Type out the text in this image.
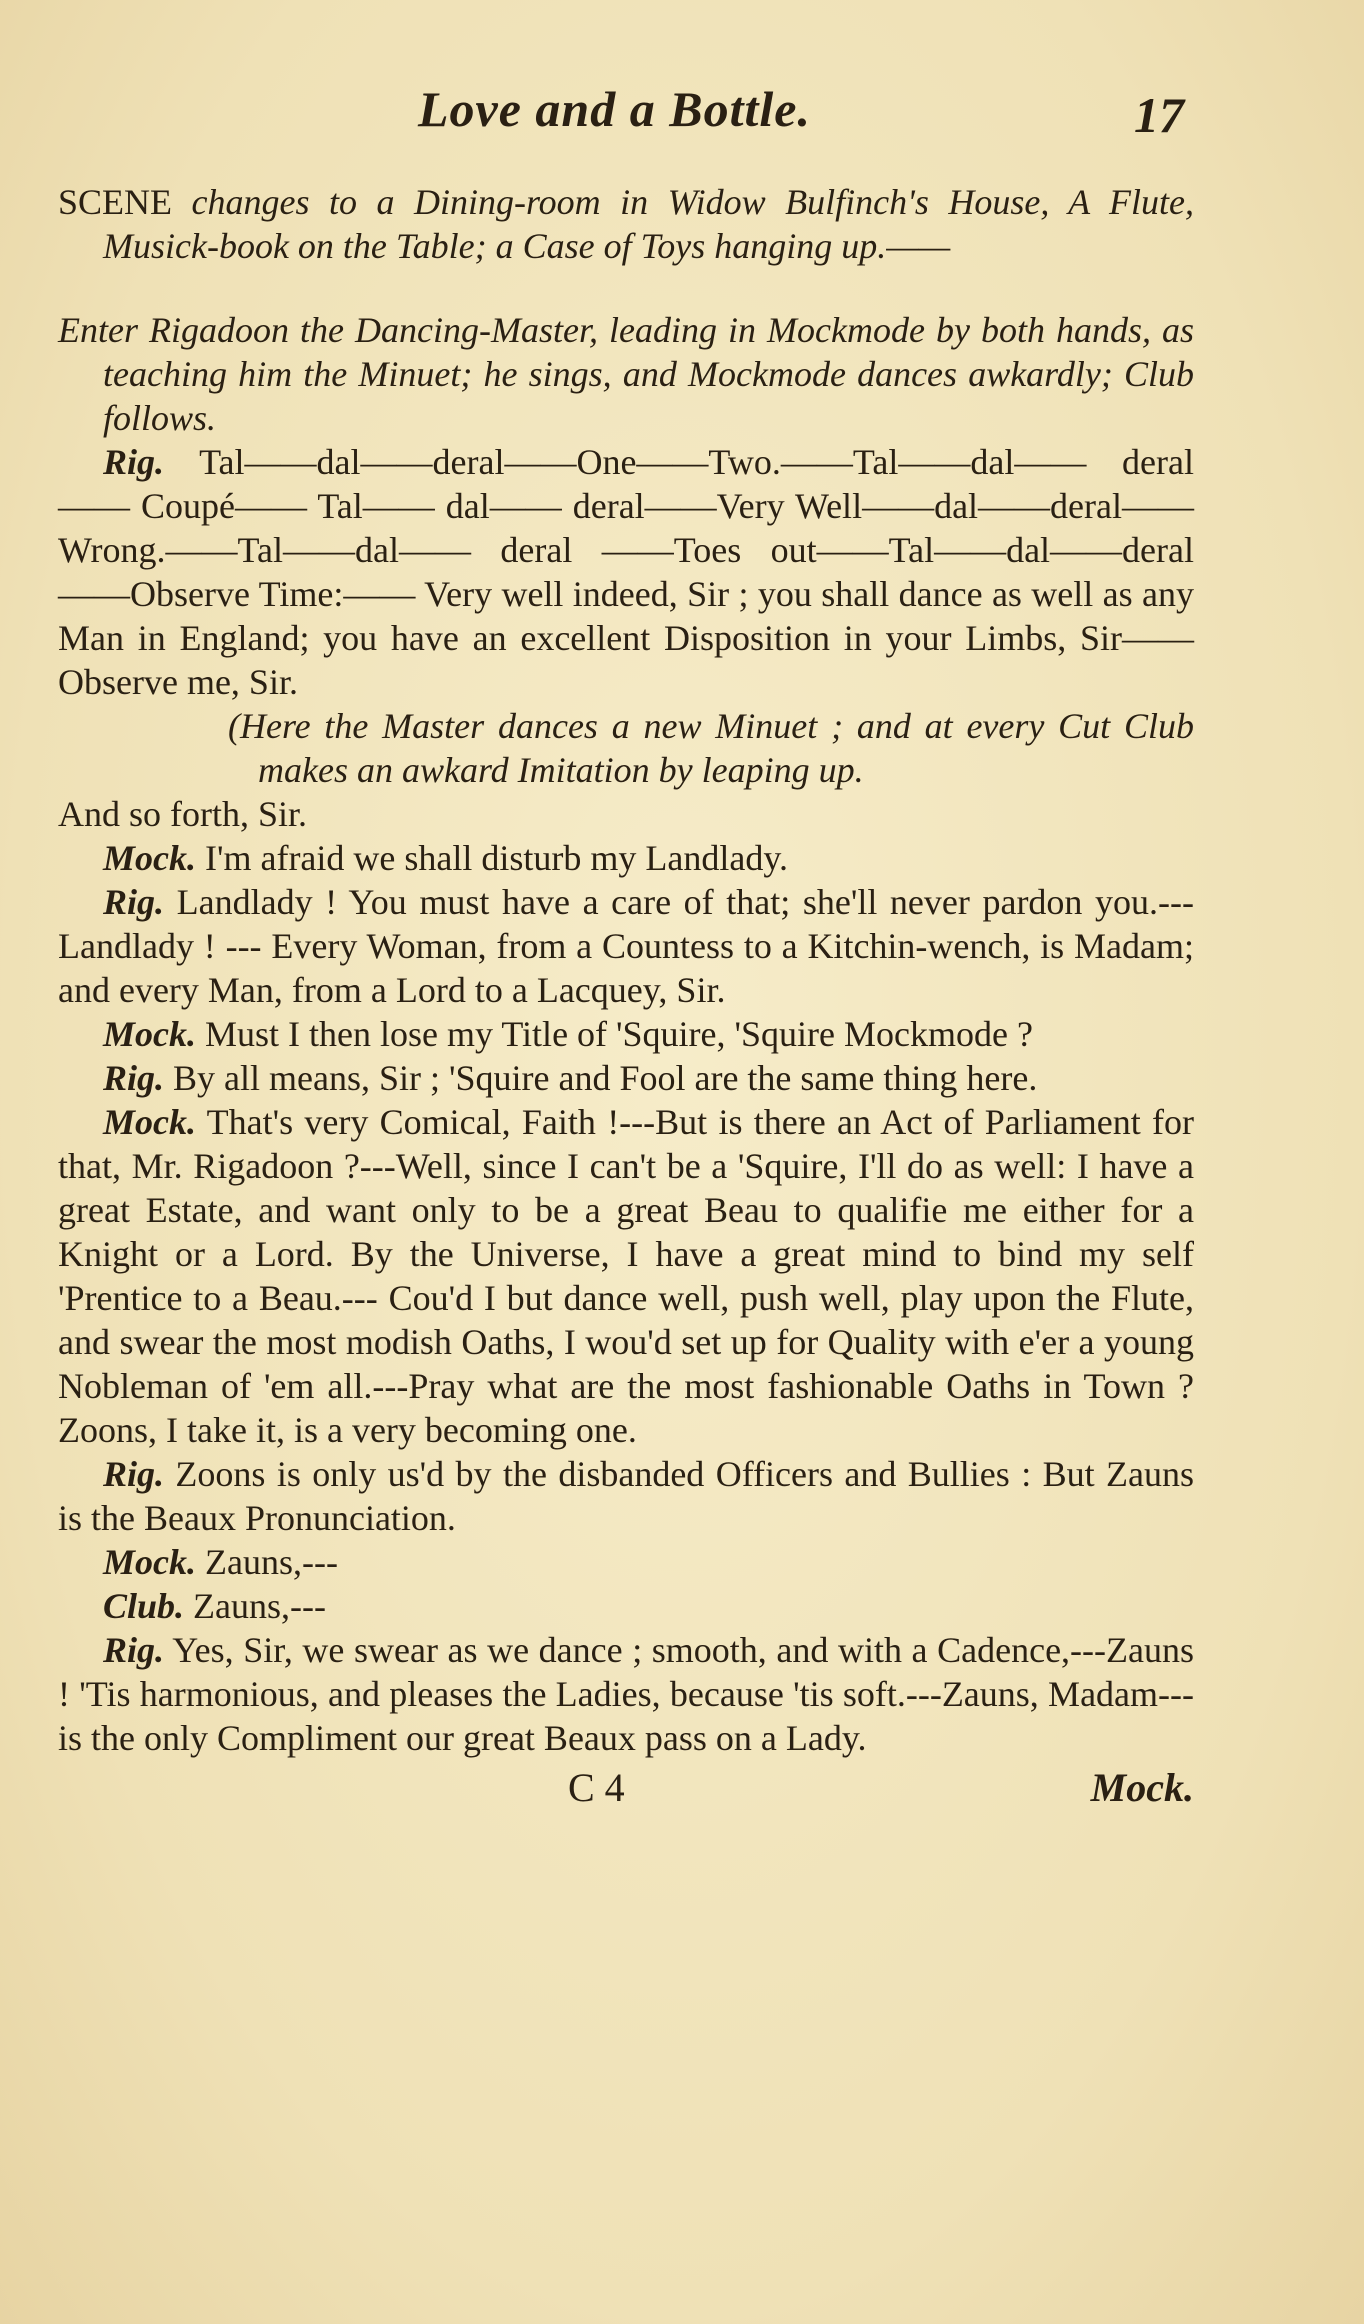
Love and a Bottle.	17

SCENE changes to a Dining-room in Widow Bulfinch's House, A Flute, Musick-book on the Table; a Case of Toys hanging up.——

Enter Rigadoon the Dancing-Master, leading in Mockmode by both hands, as teaching him the Minuet; he sings, and Mockmode dances awkardly; Club follows.

Rig. Tal——dal——deral——One——Two.——Tal——dal—— deral—— Coupé—— Tal—— dal—— deral——Very Well——dal——deral——Wrong.——Tal——dal—— deral ——Toes out——Tal——dal——deral——Observe Time:—— Very well indeed, Sir ; you shall dance as well as any Man in England; you have an excellent Disposition in your Limbs, Sir——Observe me, Sir.

(Here the Master dances a new Minuet ; and at every Cut Club makes an awkard Imitation by leaping up.

And so forth, Sir.

Mock. I'm afraid we shall disturb my Landlady.

Rig. Landlady ! You must have a care of that; she'll never pardon you.--- Landlady ! --- Every Woman, from a Countess to a Kitchin-wench, is Madam; and every Man, from a Lord to a Lacquey, Sir.

Mock. Must I then lose my Title of 'Squire, 'Squire Mockmode ?

Rig. By all means, Sir ; 'Squire and Fool are the same thing here.

Mock. That's very Comical, Faith !---But is there an Act of Parliament for that, Mr. Rigadoon ?---Well, since I can't be a 'Squire, I'll do as well: I have a great Estate, and want only to be a great Beau to qualifie me either for a Knight or a Lord. By the Universe, I have a great mind to bind my self 'Prentice to a Beau.--- Cou'd I but dance well, push well, play upon the Flute, and swear the most modish Oaths, I wou'd set up for Quality with e'er a young Nobleman of 'em all.---Pray what are the most fashionable Oaths in Town ? Zoons, I take it, is a very becoming one.

Rig. Zoons is only us'd by the disbanded Officers and Bullies : But Zauns is the Beaux Pronunciation.

Mock. Zauns,---

Club. Zauns,---

Rig. Yes, Sir, we swear as we dance ; smooth, and with a Cadence,---Zauns ! 'Tis harmonious, and pleases the Ladies, because 'tis soft.---Zauns, Madam--- is the only Compliment our great Beaux pass on a Lady.

C 4	Mock.
